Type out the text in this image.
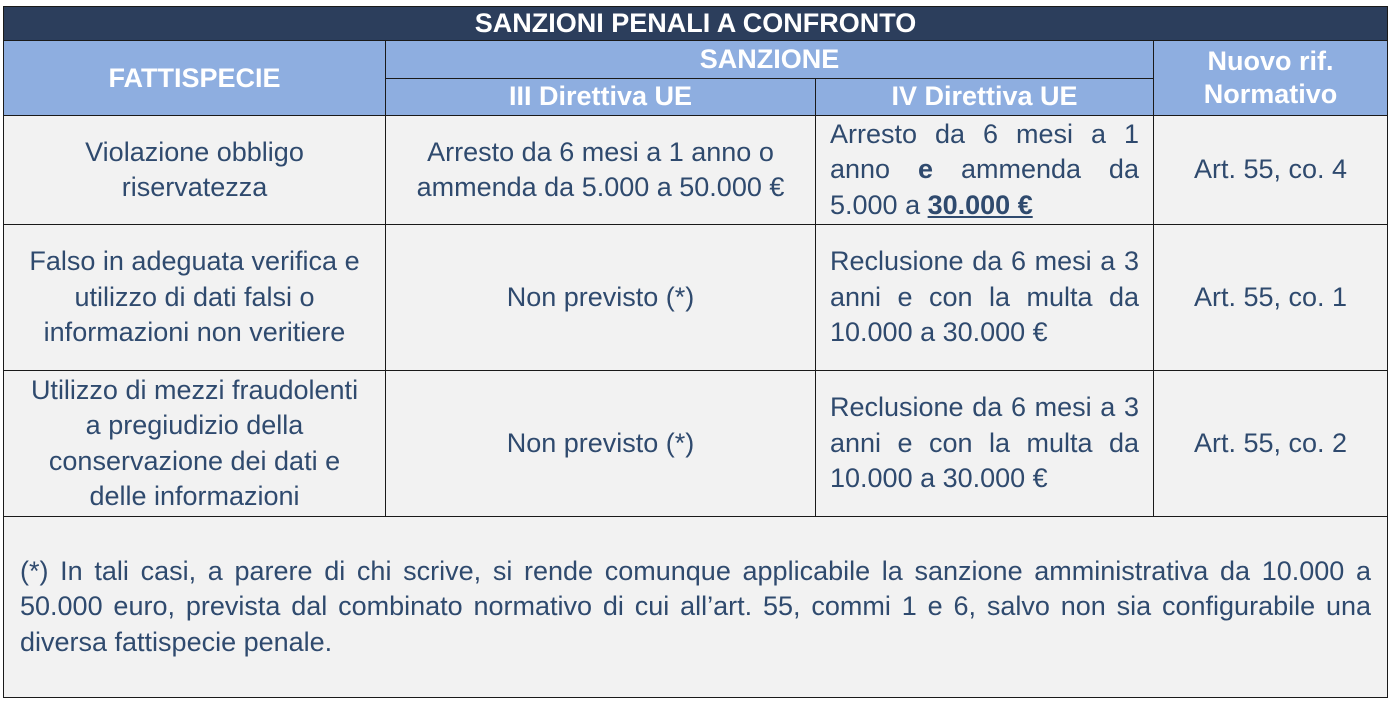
SANZIONI PENALI A CONFRONTO			
FATTISPECIE	SANZIONE		Nuovo rif.
Normativo

	III Direttiva UE	IV Direttiva UE	
Violazione obbligo riservatezza	Arresto da 6 mesi a 1 anno o ammenda da 5.000 a 50.000 €	Arresto da 6 mesi a 1 anno e ammenda da 5.000 a 30.000 €	Art. 55, co. 4
Falso in adeguata verifica e utilizzo di dati falsi o informazioni non veritiere	Non previsto (*)	Reclusione da 6 mesi a 3 anni e con la multa da 10.000 a 30.000 €	Art. 55, co. 1
Utilizzo di mezzi fraudolenti a pregiudizio della conservazione dei dati e delle informazioni	Non previsto (*)	Reclusione da 6 mesi a 3 anni e con la multa da 10.000 a 30.000 €	Art. 55, co. 2
(*) In tali casi, a parere di chi scrive, si rende comunque applicabile la sanzione amministrativa da 10.000 a 50.000 euro, prevista dal combinato normativo di cui all’art. 55, commi 1 e 6, salvo non sia configurabile una diversa fattispecie penale.			
